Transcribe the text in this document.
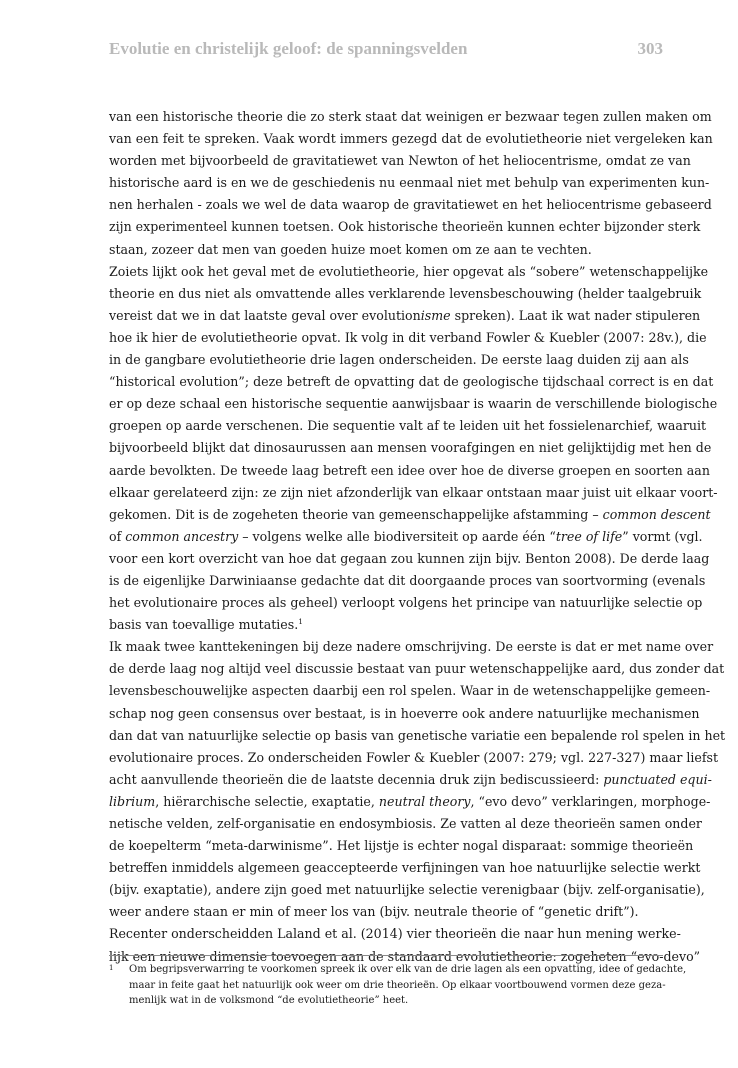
Evolutie en christelijk geloof: de spanningsvelden	303
van een historische theorie die zo sterk staat dat weinigen er bezwaar tegen zullen maken om
van een feit te spreken. Vaak wordt immers gezegd dat de evolutietheorie niet vergeleken kan
worden met bijvoorbeeld de gravitatiewet van Newton of het heliocentrisme, omdat ze van
historische aard is en we de geschiedenis nu eenmaal niet met behulp van experimenten kun-
nen herhalen - zoals we wel de data waarop de gravitatiewet en het heliocentrisme gebaseerd
zijn experimenteel kunnen toetsen. Ook historische theorieën kunnen echter bijzonder sterk
staan, zozeer dat men van goeden huize moet komen om ze aan te vechten.
Zoiets lijkt ook het geval met de evolutietheorie, hier opgevat als “sobere” wetenschappelijke
theorie en dus niet als omvattende alles verklarende levensbeschouwing (helder taalgebruik
vereist dat we in dat laatste geval over evolutionisme spreken). Laat ik wat nader stipuleren
hoe ik hier de evolutietheorie opvat. Ik volg in dit verband Fowler & Kuebler (2007: 28v.), die
in de gangbare evolutietheorie drie lagen onderscheiden. De eerste laag duiden zij aan als
“historical evolution”; deze betreft de opvatting dat de geologische tijdschaal correct is en dat
er op deze schaal een historische sequentie aanwijsbaar is waarin de verschillende biologische
groepen op aarde verschenen. Die sequentie valt af te leiden uit het fossielenarchief, waaruit
bijvoorbeeld blijkt dat dinosaurussen aan mensen voorafgingen en niet gelijktijdig met hen de
aarde bevolkten. De tweede laag betreft een idee over hoe de diverse groepen en soorten aan
elkaar gerelateerd zijn: ze zijn niet afzonderlijk van elkaar ontstaan maar juist uit elkaar voort-
gekomen. Dit is de zogeheten theorie van gemeenschappelijke afstamming – common descent
of common ancestry – volgens welke alle biodiversiteit op aarde één “tree of life” vormt (vgl.
voor een kort overzicht van hoe dat gegaan zou kunnen zijn bijv. Benton 2008). De derde laag
is de eigenlijke Darwiniaanse gedachte dat dit doorgaande proces van soortvorming (evenals
het evolutionaire proces als geheel) verloopt volgens het principe van natuurlijke selectie op
basis van toevallige mutaties.$^1$
Ik maak twee kanttekeningen bij deze nadere omschrijving. De eerste is dat er met name over
de derde laag nog altijd veel discussie bestaat van puur wetenschappelijke aard, dus zonder dat
levensbeschouwelijke aspecten daarbij een rol spelen. Waar in de wetenschappelijke gemeen-
schap nog geen consensus over bestaat, is in hoeverre ook andere natuurlijke mechanismen
dan dat van natuurlijke selectie op basis van genetische variatie een bepalende rol spelen in het
evolutionaire proces. Zo onderscheiden Fowler & Kuebler (2007: 279; vgl. 227-327) maar liefst
acht aanvullende theorieën die de laatste decennia druk zijn bediscussieerd: punctuated equi-
librium, hiërarchische selectie, exaptatie, neutral theory, “evo devo” verklaringen, morphoge-
netische velden, zelf-organisatie en endosymbiosis. Ze vatten al deze theorieën samen onder
de koepelterm “meta-darwinisme”. Het lijstje is echter nogal disparaat: sommige theorieën
betreffen inmiddels algemeen geaccepteerde verfijningen van hoe natuurlijke selectie werkt
(bijv. exaptatie), andere zijn goed met natuurlijke selectie verenigbaar (bijv. zelf-organisatie),
weer andere staan er min of meer los van (bijv. neutrale theorie of “genetic drift”).
Recenter onderscheidden Laland et al. (2014) vier theorieën die naar hun mening werke-
lijk een nieuwe dimensie toevoegen aan de standaard evolutietheorie: zogeheten “evo-devo”
1 Om begripsverwarring te voorkomen spreek ik over elk van de drie lagen als een opvatting, idee of gedachte,
maar in feite gaat het natuurlijk ook weer om drie theorieën. Op elkaar voortbouwend vormen deze geza-
menlijk wat in de volksmond “de evolutietheorie” heet.
